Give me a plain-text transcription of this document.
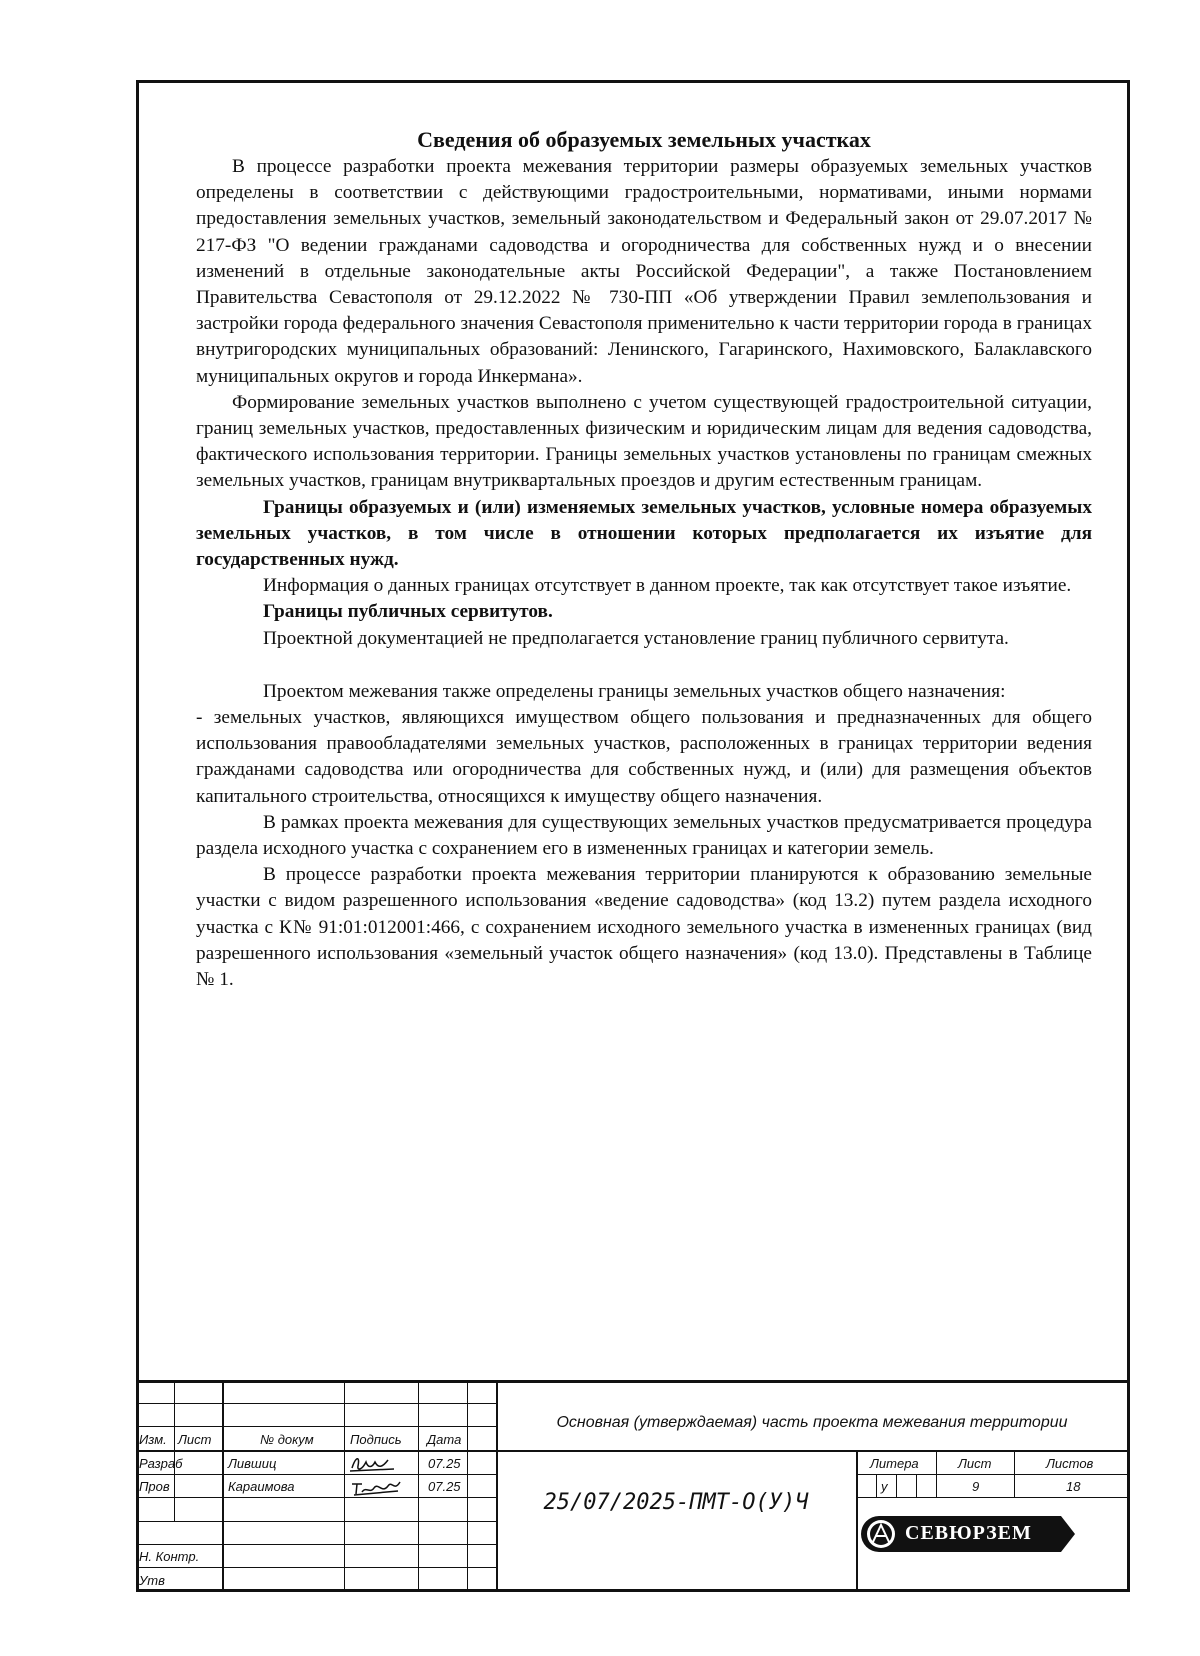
Сведения об образуемых земельных участках

В процессе разработки проекта межевания территории размеры образуемых земельных участков определены в соответствии с действующими градостроительными, нормативами, иными нормами предоставления земельных участков, земельный законодательством и Федеральный закон от 29.07.2017 № 217-ФЗ "О ведении гражданами садоводства и огородничества для собственных нужд и о внесении изменений в отдельные законодательные акты Российской Федерации", а также Постановлением Правительства Севастополя от 29.12.2022 № 730-ПП «Об утверждении Правил землепользования и застройки города федерального значения Севастополя применительно к части территории города в границах внутригородских муниципальных образований: Ленинского, Гагаринского, Нахимовского, Балаклавского муниципальных округов и города Инкермана».

Формирование земельных участков выполнено с учетом существующей градостроительной ситуации, границ земельных участков, предоставленных физическим и юридическим лицам для ведения садоводства, фактического использования территории. Границы земельных участков установлены по границам смежных земельных участков, границам внутриквартальных проездов и другим естественным границам.

Границы образуемых и (или) изменяемых земельных участков, условные номера образуемых земельных участков, в том числе в отношении которых предполагается их изъятие для государственных нужд.

Информация о данных границах отсутствует в данном проекте, так как отсутствует такое изъятие.

Границы публичных сервитутов.

Проектной документацией не предполагается установление границ публичного сервитута.

Проектом межевания также определены границы земельных участков общего назначения:

- земельных участков, являющихся имуществом общего пользования и предназначенных для общего использования правообладателями земельных участков, расположенных в границах территории ведения гражданами садоводства или огородничества для собственных нужд, и (или) для размещения объектов капитального строительства, относящихся к имуществу общего назначения.

В рамках проекта межевания для существующих земельных участков предусматривается процедура раздела исходного участка с сохранением его в измененных границах и категории земель.

В процессе разработки проекта межевания территории планируются к образованию земельные участки с видом разрешенного использования «ведение садоводства» (код 13.2) путем раздела исходного участка с К№ 91:01:012001:466, с сохранением исходного земельного участка в измененных границах (вид разрешенного использования «земельный участок общего назначения» (код 13.0). Представлены в Таблице № 1.

Изм. Лист	№ докум	Подпись Дата
Разраб	Лившиц	07.25
Пров	Караимова	07.25
Н. Контр.
Утв
Основная (утверждаемая) часть проекта межевания территории
25/07/2025-ПМТ-О(У)Ч
Литера	Лист	Листов
у	9	18
СЕВЮРЗЕМ
